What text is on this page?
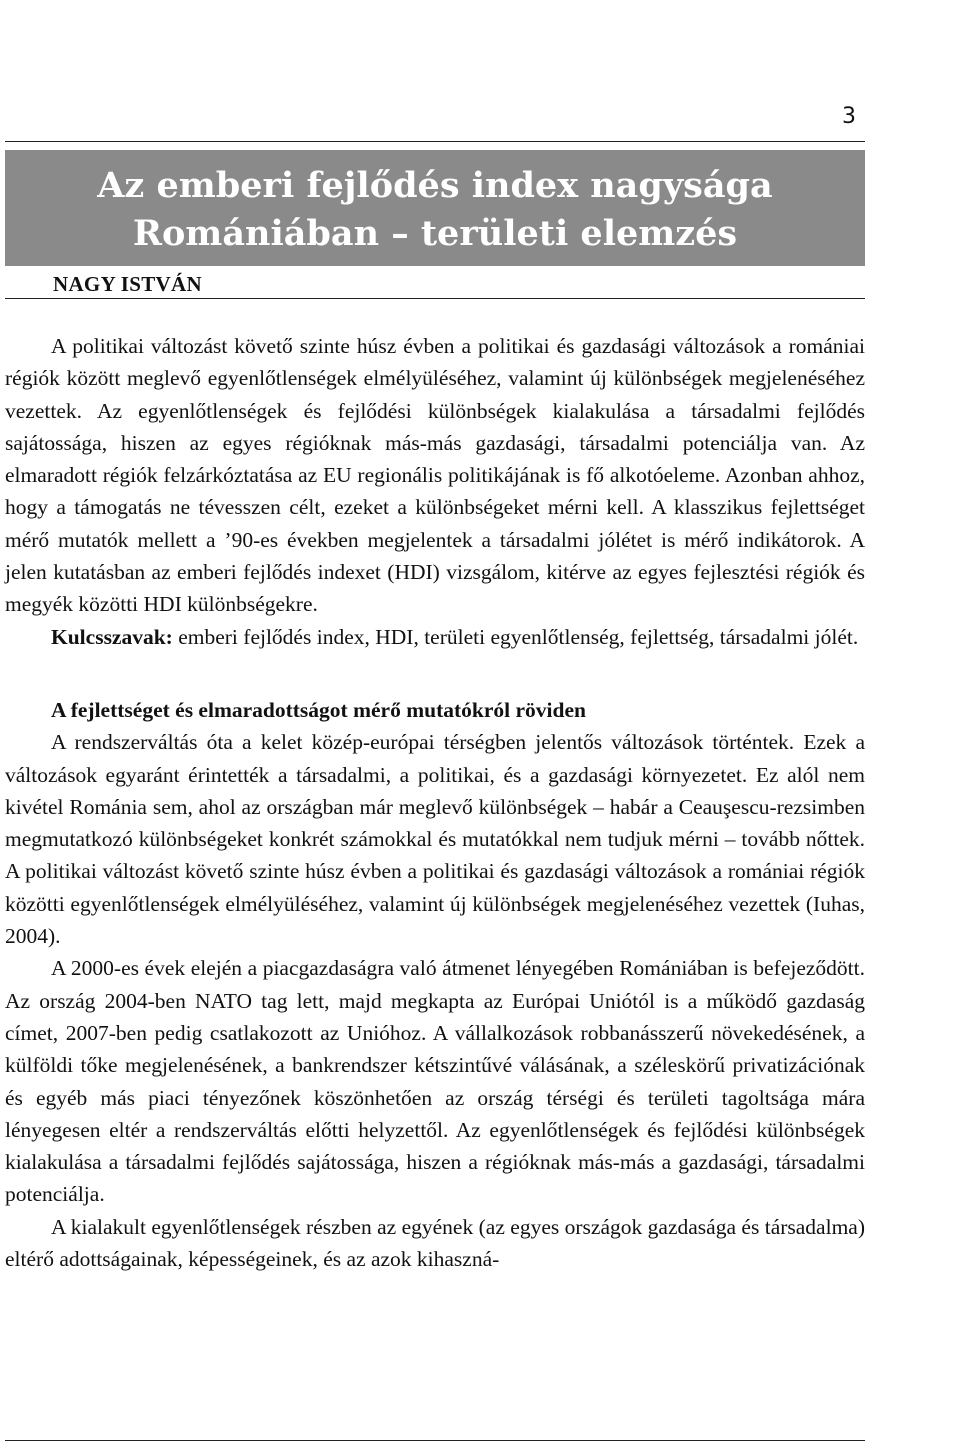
3
Az emberi fejlődés index nagysága
Romániában – területi elemzés
NAGY ISTVÁN

A politikai változást követő szinte húsz évben a politikai és gazdasági változások a romániai régiók között meglevő egyenlőtlenségek elmélyüléséhez, valamint új különbségek megjelenéséhez vezettek. Az egyenlőtlenségek és fejlődési különbségek kialakulása a társadalmi fejlődés sajátossága, hiszen az egyes régióknak más-más gazdasági, társadalmi potenciálja van. Az elmaradott régiók felzárkóztatása az EU regionális politikájának is fő alkotóeleme. Azonban ahhoz, hogy a támogatás ne tévesszen célt, ezeket a különbségeket mérni kell. A klasszikus fejlettséget mérő mutatók mellett a ’90-es években megjelentek a társadalmi jólétet is mérő indikátorok. A jelen kutatásban az emberi fejlődés indexet (HDI) vizsgálom, kitérve az egyes fejlesztési régiók és megyék közötti HDI különbségekre.

Kulcsszavak: emberi fejlődés index, HDI, területi egyenlőtlenség, fejlettség, társadalmi jólét.

A fejlettséget és elmaradottságot mérő mutatókról röviden

A rendszerváltás óta a kelet közép-európai térségben jelentős változások történtek. Ezek a változások egyaránt érintették a társadalmi, a politikai, és a gazdasági környezetet. Ez alól nem kivétel Románia sem, ahol az országban már meglevő különbségek – habár a Ceauşescu-rezsimben megmutatkozó különbségeket konkrét számokkal és mutatókkal nem tudjuk mérni – tovább nőttek. A politikai változást követő szinte húsz évben a politikai és gazdasági változások a romániai régiók közötti egyenlőtlenségek elmélyüléséhez, valamint új különbségek megjelenéséhez vezettek (Iuhas, 2004).

A 2000-es évek elején a piacgazdaságra való átmenet lényegében Romániában is befejeződött. Az ország 2004-ben NATO tag lett, majd megkapta az Európai Uniótól is a működő gazdaság címet, 2007-ben pedig csatlakozott az Unióhoz. A vállalkozások robbanásszerű növekedésének, a külföldi tőke megjelenésének, a bankrendszer kétszintűvé válásának, a széleskörű privatizációnak és egyéb más piaci tényezőnek köszönhetően az ország térségi és területi tagoltsága mára lényegesen eltér a rendszerváltás előtti helyzettől. Az egyenlőtlenségek és fejlődési különbségek kialakulása a társadalmi fejlődés sajátossága, hiszen a régióknak más-más a gazdasági, társadalmi potenciálja.

A kialakult egyenlőtlenségek részben az egyének (az egyes országok gazdasága és társadalma) eltérő adottságainak, képességeinek, és az azok kihaszná-
